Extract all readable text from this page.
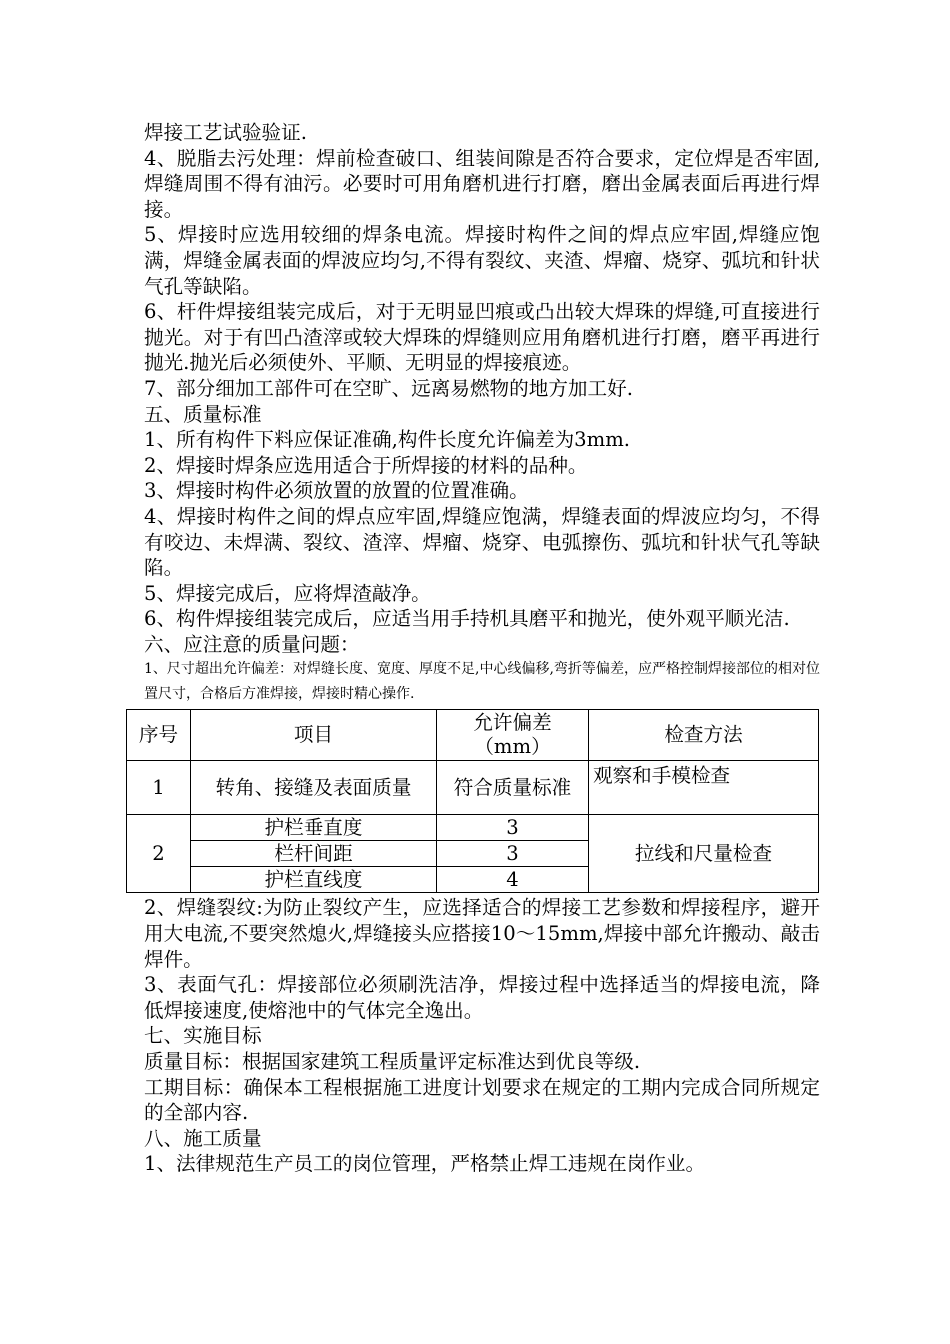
焊接工艺试验验证.

4、脱脂去污处理：焊前检查破口、组装间隙是否符合要求，定位焊是否牢固,焊缝周围不得有油污。必要时可用角磨机进行打磨，磨出金属表面后再进行焊接。

5、焊接时应选用较细的焊条电流。焊接时构件之间的焊点应牢固,焊缝应饱满，焊缝金属表面的焊波应均匀,不得有裂纹、夹渣、焊瘤、烧穿、弧坑和针状气孔等缺陷。

6、杆件焊接组装完成后，对于无明显凹痕或凸出较大焊珠的焊缝,可直接进行抛光。对于有凹凸渣滓或较大焊珠的焊缝则应用角磨机进行打磨，磨平再进行抛光.抛光后必须使外、平顺、无明显的焊接痕迹。

7、部分细加工部件可在空旷、远离易燃物的地方加工好.

五、质量标准

1、所有构件下料应保证准确,构件长度允许偏差为3mm.

2、焊接时焊条应选用适合于所焊接的材料的品种。

3、焊接时构件必须放置的放置的位置准确。

4、焊接时构件之间的焊点应牢固,焊缝应饱满，焊缝表面的焊波应均匀，不得有咬边、未焊满、裂纹、渣滓、焊瘤、烧穿、电弧擦伤、弧坑和针状气孔等缺陷。

5、焊接完成后，应将焊渣敲净。

6、构件焊接组装完成后，应适当用手持机具磨平和抛光，使外观平顺光洁.

六、应注意的质量问题：

1、尺寸超出允许偏差：对焊缝长度、宽度、厚度不足,中心线偏移,弯折等偏差，应严格控制焊接部位的相对位置尺寸，合格后方准焊接，焊接时精心操作.

序号	项目	允许偏差（mm）	检查方法
1	转角、接缝及表面质量	符合质量标准	观察和手模检查
2	护栏垂直度	3	拉线和尺量检查
	栏杆间距	3	
	护栏直线度	4	

2、焊缝裂纹:为防止裂纹产生，应选择适合的焊接工艺参数和焊接程序，避开用大电流,不要突然熄火,焊缝接头应搭接10～15mm,焊接中部允许搬动、敲击焊件。

3、表面气孔：焊接部位必须刷洗洁净，焊接过程中选择适当的焊接电流，降低焊接速度,使熔池中的气体完全逸出。

七、实施目标

质量目标：根据国家建筑工程质量评定标准达到优良等级.

工期目标：确保本工程根据施工进度计划要求在规定的工期内完成合同所规定的全部内容.

八、施工质量

1、法律规范生产员工的岗位管理，严格禁止焊工违规在岗作业。
